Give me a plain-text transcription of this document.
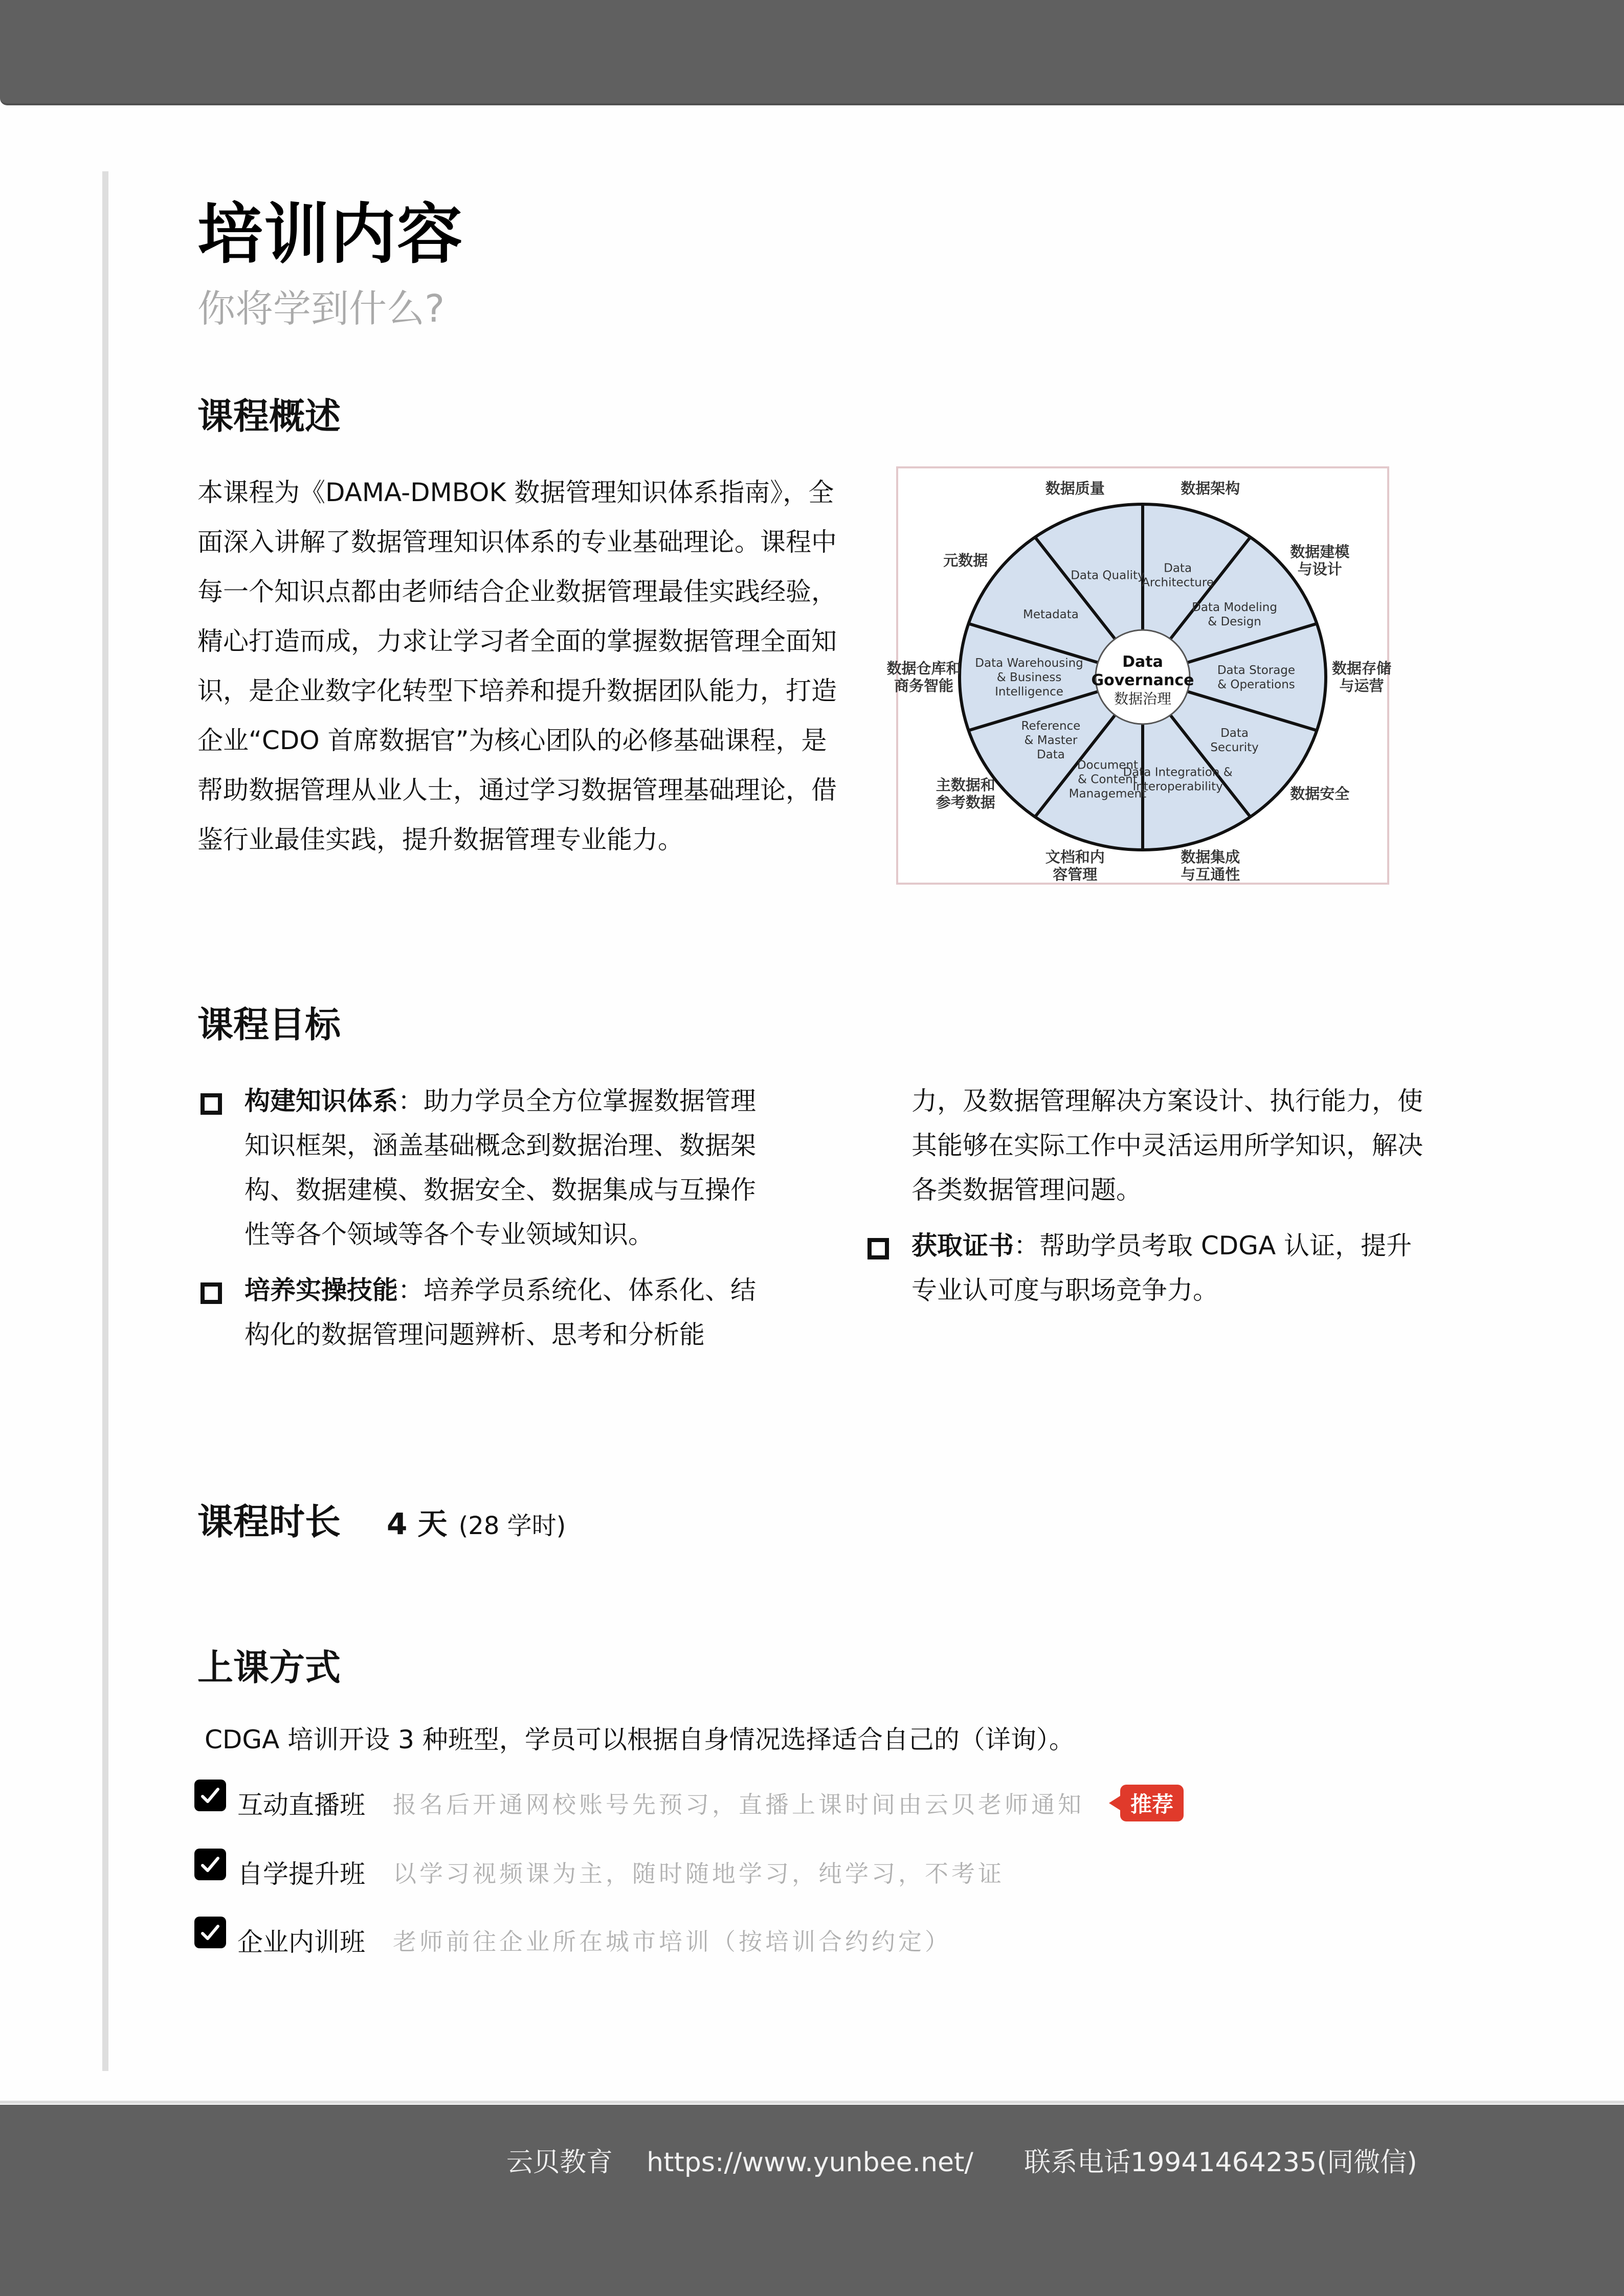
培训内容
你将学到什么?
课程概述
本课程为《DAMA-DMBOK 数据管理知识体系指南》，全面深入讲解了数据管理知识体系的专业基础理论。课程中每一个知识点都由老师结合企业数据管理最佳实践经验，精心打造而成，力求让学习者全面的掌握数据管理全面知识，是企业数字化转型下培养和提升数据团队能力，打造企业“CDO 首席数据官”为核心团队的必修基础课程，是帮助数据管理从业人士，通过学习数据管理基础理论，借鉴行业最佳实践，提升数据管理专业能力。
Data
Governance
数据治理
Data
Architecture
数据架构
Data Modeling
& Design
数据建模
与设计
Data Storage
& Operations
数据存储
与运营
Data
Security
数据安全
Data Integration &
Interoperability
数据集成
与互通性
Document
& Content
Management
文档和内
容管理
Reference
& Master
Data
主数据和
参考数据
Data Warehousing
& Business
Intelligence
数据仓库和
商务智能
Metadata
元数据
Data Quality
数据质量
课程目标
构建知识体系：助力学员全方位掌握数据管理知识框架，涵盖基础概念到数据治理、数据架构、数据建模、数据安全、数据集成与互操作性等各个领域等各个专业领域知识。
培养实操技能：培养学员系统化、体系化、结构化的数据管理问题辨析、思考和分析能
力，及数据管理解决方案设计、执行能力，使其能够在实际工作中灵活运用所学知识，解决各类数据管理问题。
获取证书：帮助学员考取 CDGA 认证，提升专业认可度与职场竞争力。
课程时长 4 天 (28 学时)
上课方式
CDGA 培训开设 3 种班型，学员可以根据自身情况选择适合自己的（详询）。
互动直播班 报名后开通网校账号先预习，直播上课时间由云贝老师通知	推荐
自学提升班 以学习视频课为主，随时随地学习，纯学习，不考证
企业内训班 老师前往企业所在城市培训（按培训合约约定）
云贝教育 https://www.yunbee.net/ 联系电话19941464235(同微信)
